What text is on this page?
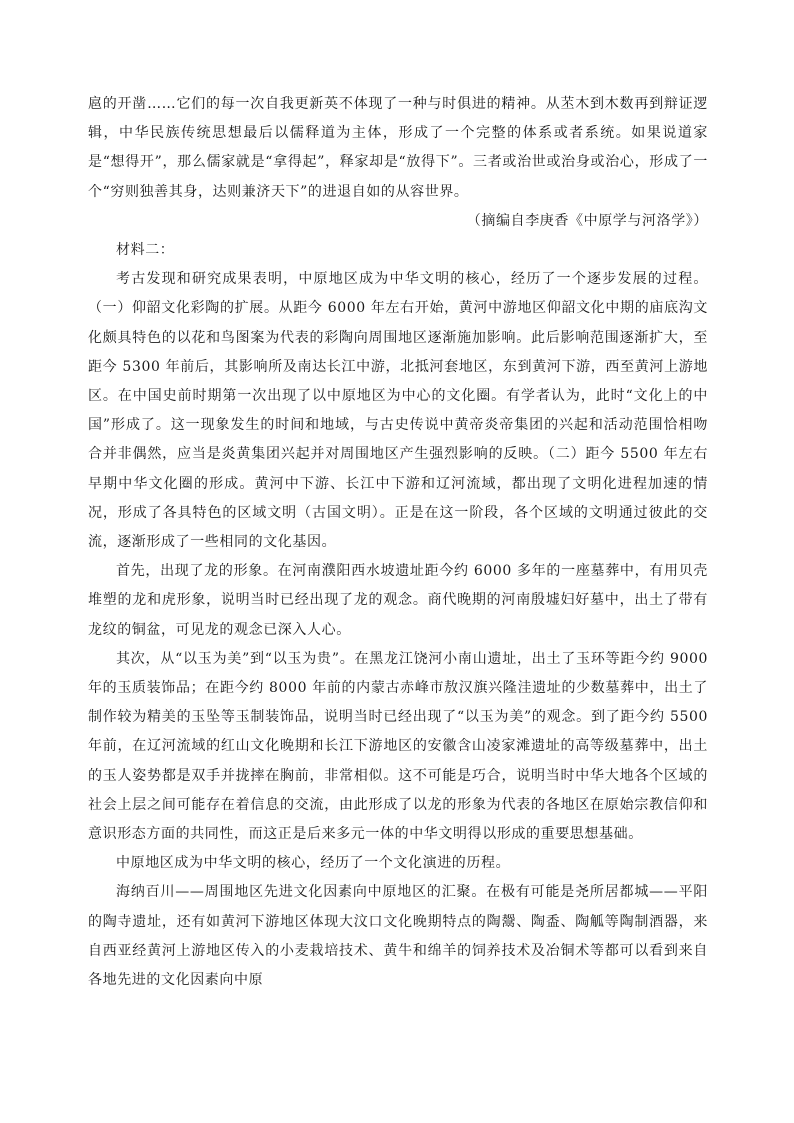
扈的开凿……它们的每一次自我更新英不体现了一种与时俱进的精神。从苤木到木数再到辩证逻辑，中华民族传统思想最后以儒释道为主体，形成了一个完整的体系或者系统。如果说道家是“想得开”，那么儒家就是“拿得起”，释家却是“放得下”。三者或治世或治身或治心，形成了一个“穷则独善其身，达则兼济天下”的进退自如的从容世界。

（摘编自李庚香《中原学与河洛学》）

材料二：

考古发现和研究成果表明，中原地区成为中华文明的核心，经历了一个逐步发展的过程。（一）仰韶文化彩陶的扩展。从距今 6000 年左右开始，黄河中游地区仰韶文化中期的庙底沟文化颇具特色的以花和鸟图案为代表的彩陶向周围地区逐渐施加影响。此后影响范围逐渐扩大，至距今 5300 年前后，其影响所及南达长江中游，北抵河套地区，东到黄河下游，西至黄河上游地区。在中国史前时期第一次出现了以中原地区为中心的文化圈。有学者认为，此时“文化上的中国”形成了。这一现象发生的时间和地域，与古史传说中黄帝炎帝集团的兴起和活动范围恰相吻合并非偶然，应当是炎黄集团兴起并对周围地区产生强烈影响的反映。（二）距今 5500 年左右早期中华文化圈的形成。黄河中下游、长江中下游和辽河流域，都出现了文明化进程加速的情况，形成了各具特色的区域文明（古国文明）。正是在这一阶段，各个区域的文明通过彼此的交流，逐渐形成了一些相同的文化基因。

首先，出现了龙的形象。在河南濮阳西水坡遗址距今约 6000 多年的一座墓葬中，有用贝壳堆塑的龙和虎形象，说明当时已经出现了龙的观念。商代晚期的河南殷墟妇好墓中，出土了带有龙纹的铜盆，可见龙的观念已深入人心。

其次，从“以玉为美”到“以玉为贵”。在黑龙江饶河小南山遗址，出土了玉环等距今约 9000 年的玉质装饰品；在距今约 8000 年前的内蒙古赤峰市敖汉旗兴隆洼遗址的少数墓葬中，出土了制作较为精美的玉坠等玉制装饰品，说明当时已经出现了“以玉为美”的观念。到了距今约 5500 年前，在辽河流域的红山文化晚期和长江下游地区的安徽含山凌家滩遗址的高等级墓葬中，出土的玉人姿势都是双手并拢摔在胸前，非常相似。这不可能是巧合，说明当时中华大地各个区域的社会上层之间可能存在着信息的交流，由此形成了以龙的形象为代表的各地区在原始宗教信仰和意识形态方面的共同性，而这正是后来多元一体的中华文明得以形成的重要思想基础。

中原地区成为中华文明的核心，经历了一个文化演进的历程。

海纳百川——周围地区先进文化因素向中原地区的汇聚。在极有可能是尧所居都城——平阳的陶寺遗址，还有如黄河下游地区体现大汶口文化晚期特点的陶鬶、陶盉、陶觚等陶制酒器，来自西亚经黄河上游地区传入的小麦栽培技术、黄牛和绵羊的饲养技术及冶铜术等都可以看到来自各地先进的文化因素向中原
